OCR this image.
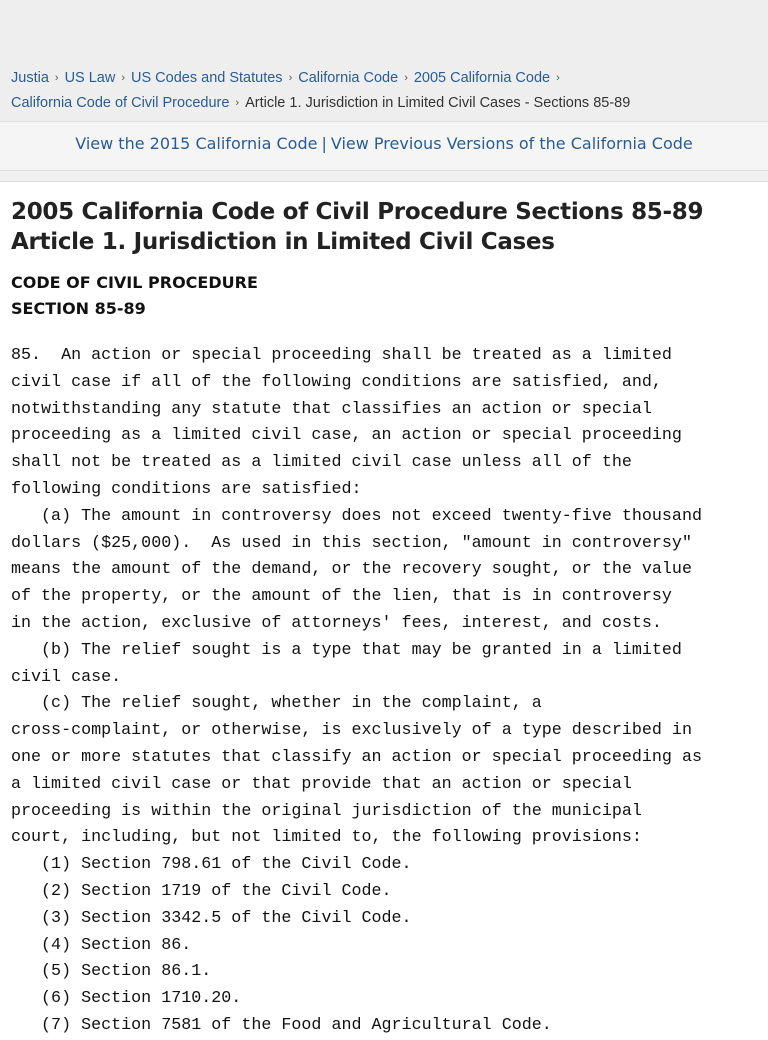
Justia › US Law › US Codes and Statutes › California Code › 2005 California Code ›
California Code of Civil Procedure › Article 1. Jurisdiction in Limited Civil Cases - Sections 85-89
View the 2015 California Code | View Previous Versions of the California Code
2005 California Code of Civil Procedure Sections 85-89 Article 1. Jurisdiction in Limited Civil Cases
CODE OF CIVIL PROCEDURE
SECTION 85-89
85.  An action or special proceeding shall be treated as a limited
civil case if all of the following conditions are satisfied, and,
notwithstanding any statute that classifies an action or special
proceeding as a limited civil case, an action or special proceeding
shall not be treated as a limited civil case unless all of the
following conditions are satisfied:
(a) The amount in controversy does not exceed twenty-five thousand
dollars ($25,000).  As used in this section, "amount in controversy"
means the amount of the demand, or the recovery sought, or the value
of the property, or the amount of the lien, that is in controversy
in the action, exclusive of attorneys' fees, interest, and costs.
(b) The relief sought is a type that may be granted in a limited
civil case.
(c) The relief sought, whether in the complaint, a
cross-complaint, or otherwise, is exclusively of a type described in
one or more statutes that classify an action or special proceeding as
a limited civil case or that provide that an action or special
proceeding is within the original jurisdiction of the municipal
court, including, but not limited to, the following provisions:
(1) Section 798.61 of the Civil Code.
(2) Section 1719 of the Civil Code.
(3) Section 3342.5 of the Civil Code.
(4) Section 86.
(5) Section 86.1.
(6) Section 1710.20.
(7) Section 7581 of the Food and Agricultural Code.
